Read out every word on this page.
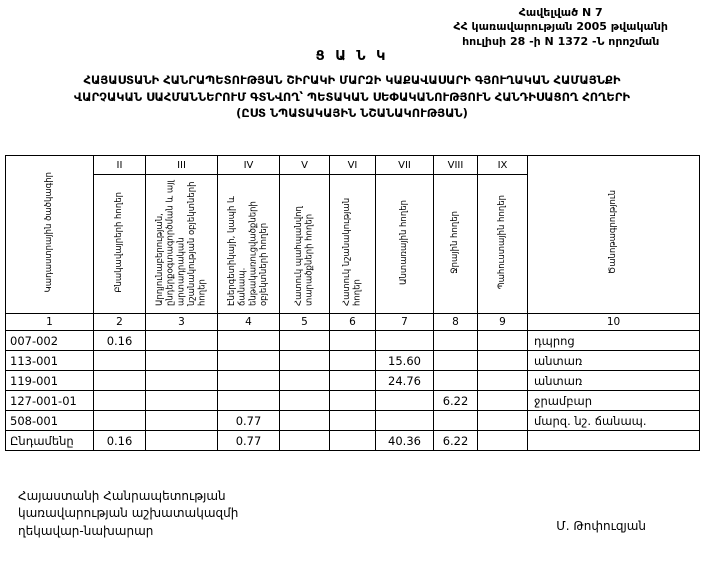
Հավելված N 7
ՀՀ կառավարության 2005 թվականի
հուլիսի 28 -ի N 1372 -Ն որոշման
Ց Ա Ն Կ
ՀԱՅԱՍՏԱՆԻ ՀԱՆՐԱՊԵՏՈՒԹՅԱՆ ՇԻՐԱԿԻ ՄԱՐԶԻ ԿԱՔԱՎԱՍԱՐԻ ԳՅՈՒՂԱԿԱՆ ՀԱՄԱՅՆՔԻ
ՎԱՐՉԱԿԱՆ ՍԱՀՄԱՆՆԵՐՈՒՄ ԳՏՆՎՈՂ՝ ՊԵՏԱԿԱՆ ՍԵՓԱԿԱՆՈՒԹՅՈՒՆ ՀԱՆԴԻՍԱՑՈՂ ՀՈՂԵՐԻ
(ԸՍՏ ՆՊԱՏԱԿԱՅԻՆ ՆՇԱՆԱԿՈՒԹՅԱՆ)
Կադաստրային ծածկագիր	II	III	IV	V	VI	VII	VIII	IX	Ծանոթագրություն
	Բնակավայրերի հողեր	Արդյունաբերության, ընդերքօգտագործման և այլ արտադրական նշանակության օբյեկտների հողեր	Էներգետիկայի, կապի և ճանապ. ենթակառուցվածքների օբյեկտների հողեր	Հատուկ պահպանվող տարածքների հողեր	Հատուկ նշանակության հողեր	Անտառային հողեր	Ջրային հողեր	Պահուստային հողեր	
1	2	3	4	5	6	7	8	9	10
007-002	0.16								դպրոց
113-001						15.60			անտառ
119-001						24.76			անտառ
127-001-01							6.22		ջրամբար
508-001			0.77						մարզ. նշ. ճանապ.
Ընդամենը	0.16		0.77			40.36	6.22		
Հայաստանի Հանրապետության
կառավարության աշխատակազմի
ղեկավար-նախարար	Մ. Թոփուզյան
